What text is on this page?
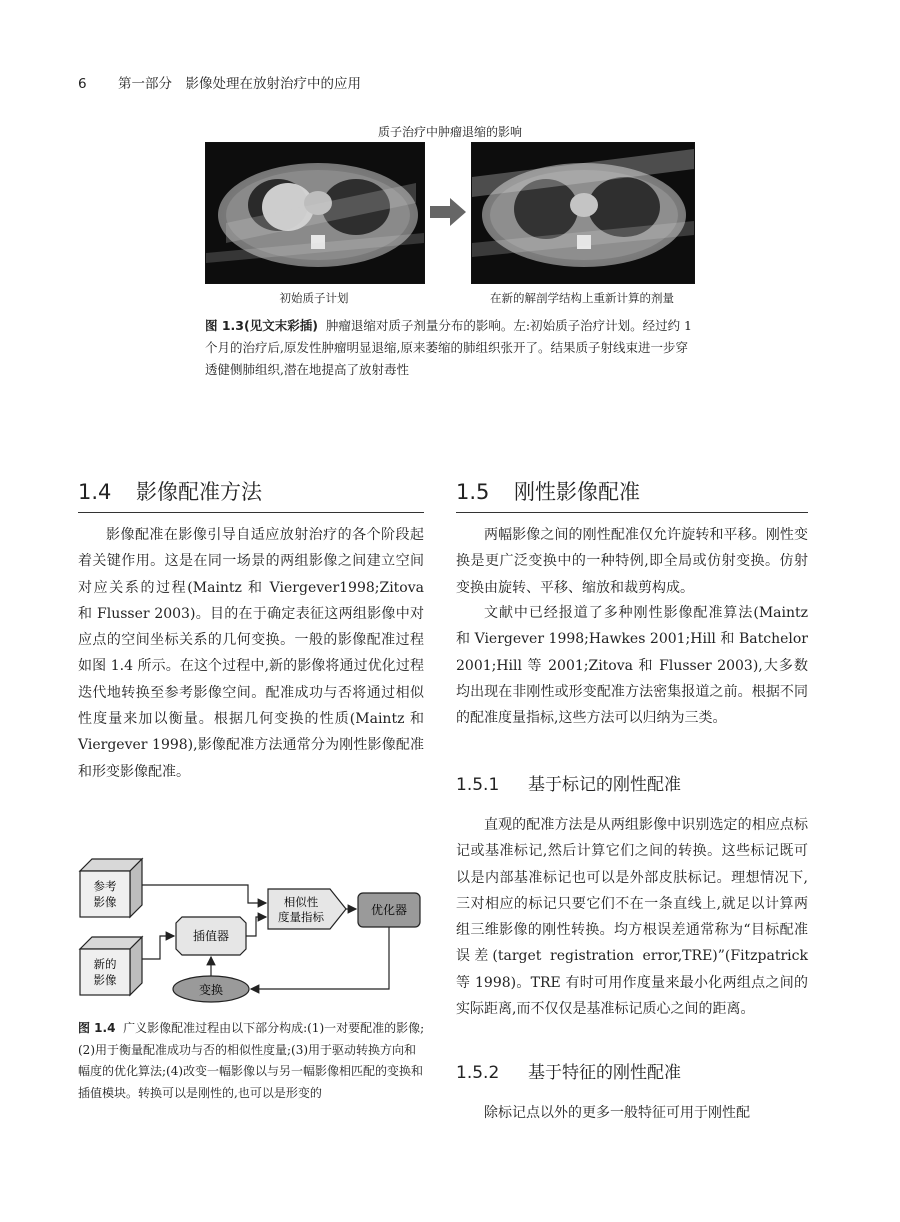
6 第一部分　影像处理在放射治疗中的应用
质子治疗中肿瘤退缩的影响
初始质子计划	在新的解剖学结构上重新计算的剂量
图 1.3(见文末彩插) 肿瘤退缩对质子剂量分布的影响。左:初始质子治疗计划。经过约 1 个月的治疗后,原发性肿瘤明显退缩,原来萎缩的肺组织张开了。结果质子射线束进一步穿透健侧肺组织,潜在地提高了放射毒性
1.4 影像配准方法
影像配准在影像引导自适应放射治疗的各个阶段起着关键作用。这是在同一场景的两组影像之间建立空间对应关系的过程(Maintz 和 Viergever1998;Zitova 和 Flusser 2003)。目的在于确定表征这两组影像中对应点的空间坐标关系的几何变换。一般的影像配准过程如图 1.4 所示。在这个过程中,新的影像将通过优化过程迭代地转换至参考影像空间。配准成功与否将通过相似性度量来加以衡量。根据几何变换的性质(Maintz 和 Viergever 1998),影像配准方法通常分为刚性影像配准和形变影像配准。
1.5 刚性影像配准
两幅影像之间的刚性配准仅允许旋转和平移。刚性变换是更广泛变换中的一种特例,即全局或仿射变换。仿射变换由旋转、平移、缩放和裁剪构成。
文献中已经报道了多种刚性影像配准算法(Maintz 和 Viergever 1998;Hawkes 2001;Hill 和 Batchelor 2001;Hill 等 2001;Zitova 和 Flusser 2003),大多数均出现在非刚性或形变配准方法密集报道之前。根据不同的配准度量指标,这些方法可以归纳为三类。
1.5.1 基于标记的刚性配准
直观的配准方法是从两组影像中识别选定的相应点标记或基准标记,然后计算它们之间的转换。这些标记既可以是内部基准标记也可以是外部皮肤标记。理想情况下,三对相应的标记只要它们不在一条直线上,就足以计算两组三维影像的刚性转换。均方根误差通常称为“目标配准误差(target registration error,TRE)”(Fitzpatrick 等 1998)。TRE 有时可用作度量来最小化两组点之间的实际距离,而不仅仅是基准标记质心之间的距离。
1.5.2 基于特征的刚性配准
除标记点以外的更多一般特征可用于刚性配
参考
影像
新的
影像
插值器
相似性
度量指标	优化器
变换
图 1.4 广义影像配准过程由以下部分构成:(1)一对要配准的影像;(2)用于衡量配准成功与否的相似性度量;(3)用于驱动转换方向和幅度的优化算法;(4)改变一幅影像以与另一幅影像相匹配的变换和插值模块。转换可以是刚性的,也可以是形变的
